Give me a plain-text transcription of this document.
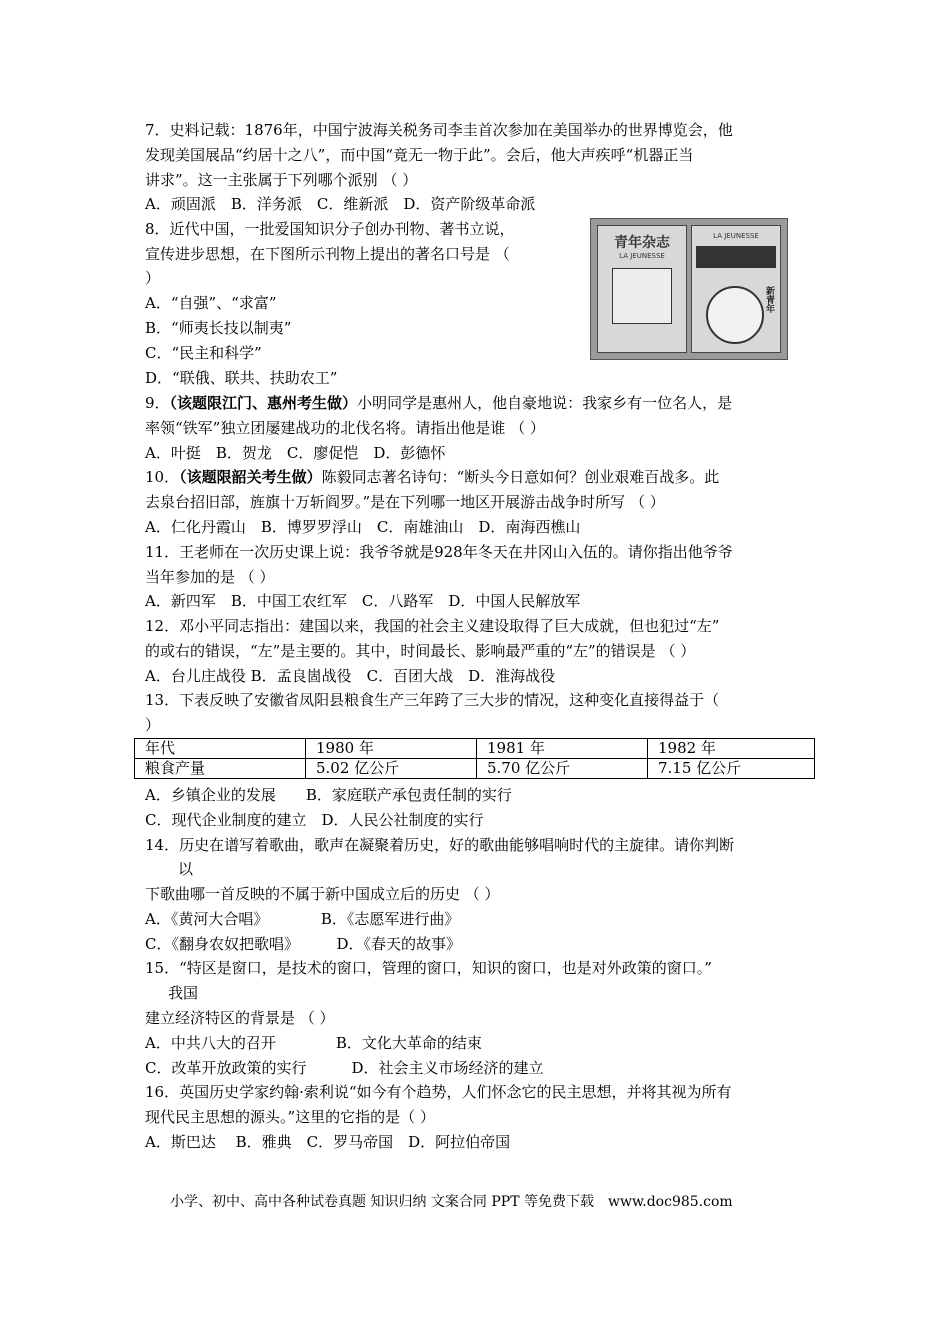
7．史料记载：1876年，中国宁波海关税务司李圭首次参加在美国举办的世界博览会，他
发现美国展品“约居十之八”，而中国“竟无一物于此”。会后，他大声疾呼“机器正当
讲求”。这一主张属于下列哪个派别 （ ）
A．顽固派　B．洋务派　C．维新派　D．资产阶级革命派
8．近代中国，一批爱国知识分子创办刊物、著书立说，
宣传进步思想，在下图所示刊物上提出的著名口号是 （
）
A．“自强”、“求富”
B．“师夷长技以制夷”
C．“民主和科学”
D．“联俄、联共、扶助农工”
青年杂志
LA JEUNESSE
LA JEUNESSE
新青年
9．（该题限江门、惠州考生做）小明同学是惠州人，他自豪地说：我家乡有一位名人，是
率领“铁军”独立团屡建战功的北伐名将。请指出他是谁 （ ）
A．叶挺　B．贺龙　C．廖促恺　D．彭德怀
10．（该题限韶关考生做）陈毅同志著名诗句：“断头今日意如何？创业艰难百战多。此
去泉台招旧部，旌旗十万斩阎罗。”是在下列哪一地区开展游击战争时所写 （ ）
A．仁化丹霞山　B．博罗罗浮山　C．南雄油山　D．南海西樵山
11．王老师在一次历史课上说：我爷爷就是928年冬天在井冈山入伍的。请你指出他爷爷
当年参加的是 （ ）
A．新四军　B．中国工农红军　C．八路军　D．中国人民解放军
12．邓小平同志指出：建国以来，我国的社会主义建设取得了巨大成就，但也犯过“左”
的或右的错误，“左”是主要的。其中，时间最长、影响最严重的“左”的错误是 （ ）
A．台儿庄战役 B．孟良崮战役　C．百团大战　D．淮海战役
13．下表反映了安徽省凤阳县粮食生产三年跨了三大步的情况，这种变化直接得益于（
）
年代	1980 年	1981 年	1982 年
粮食产量	5.02 亿公斤	5.70 亿公斤	7.15 亿公斤
A．乡镇企业的发展　　B．家庭联产承包责任制的实行
C．现代企业制度的建立　D．人民公社制度的实行
14．历史在谱写着歌曲，歌声在凝聚着历史，好的歌曲能够唱响时代的主旋律。请你判断
以
下歌曲哪一首反映的不属于新中国成立后的历史 （ ）
A．《黄河大合唱》　　　　B．《志愿军进行曲》
C．《翻身农奴把歌唱》　　　D．《春天的故事》
15．“特区是窗口，是技术的窗口，管理的窗口，知识的窗口，也是对外政策的窗口。”
我国
建立经济特区的背景是 （ ）
A．中共八大的召开　　　　B．文化大革命的结束
C．改革开放政策的实行　　　D．社会主义市场经济的建立
16．英国历史学家约翰·索利说“如今有个趋势，人们怀念它的民主思想，并将其视为所有
现代民主思想的源头。”这里的它指的是（ ）
A．斯巴达　 B．雅典　C．罗马帝国　D．阿拉伯帝国
小学、初中、高中各种试卷真题 知识归纳 文案合同 PPT 等免费下载　www.doc985.com
